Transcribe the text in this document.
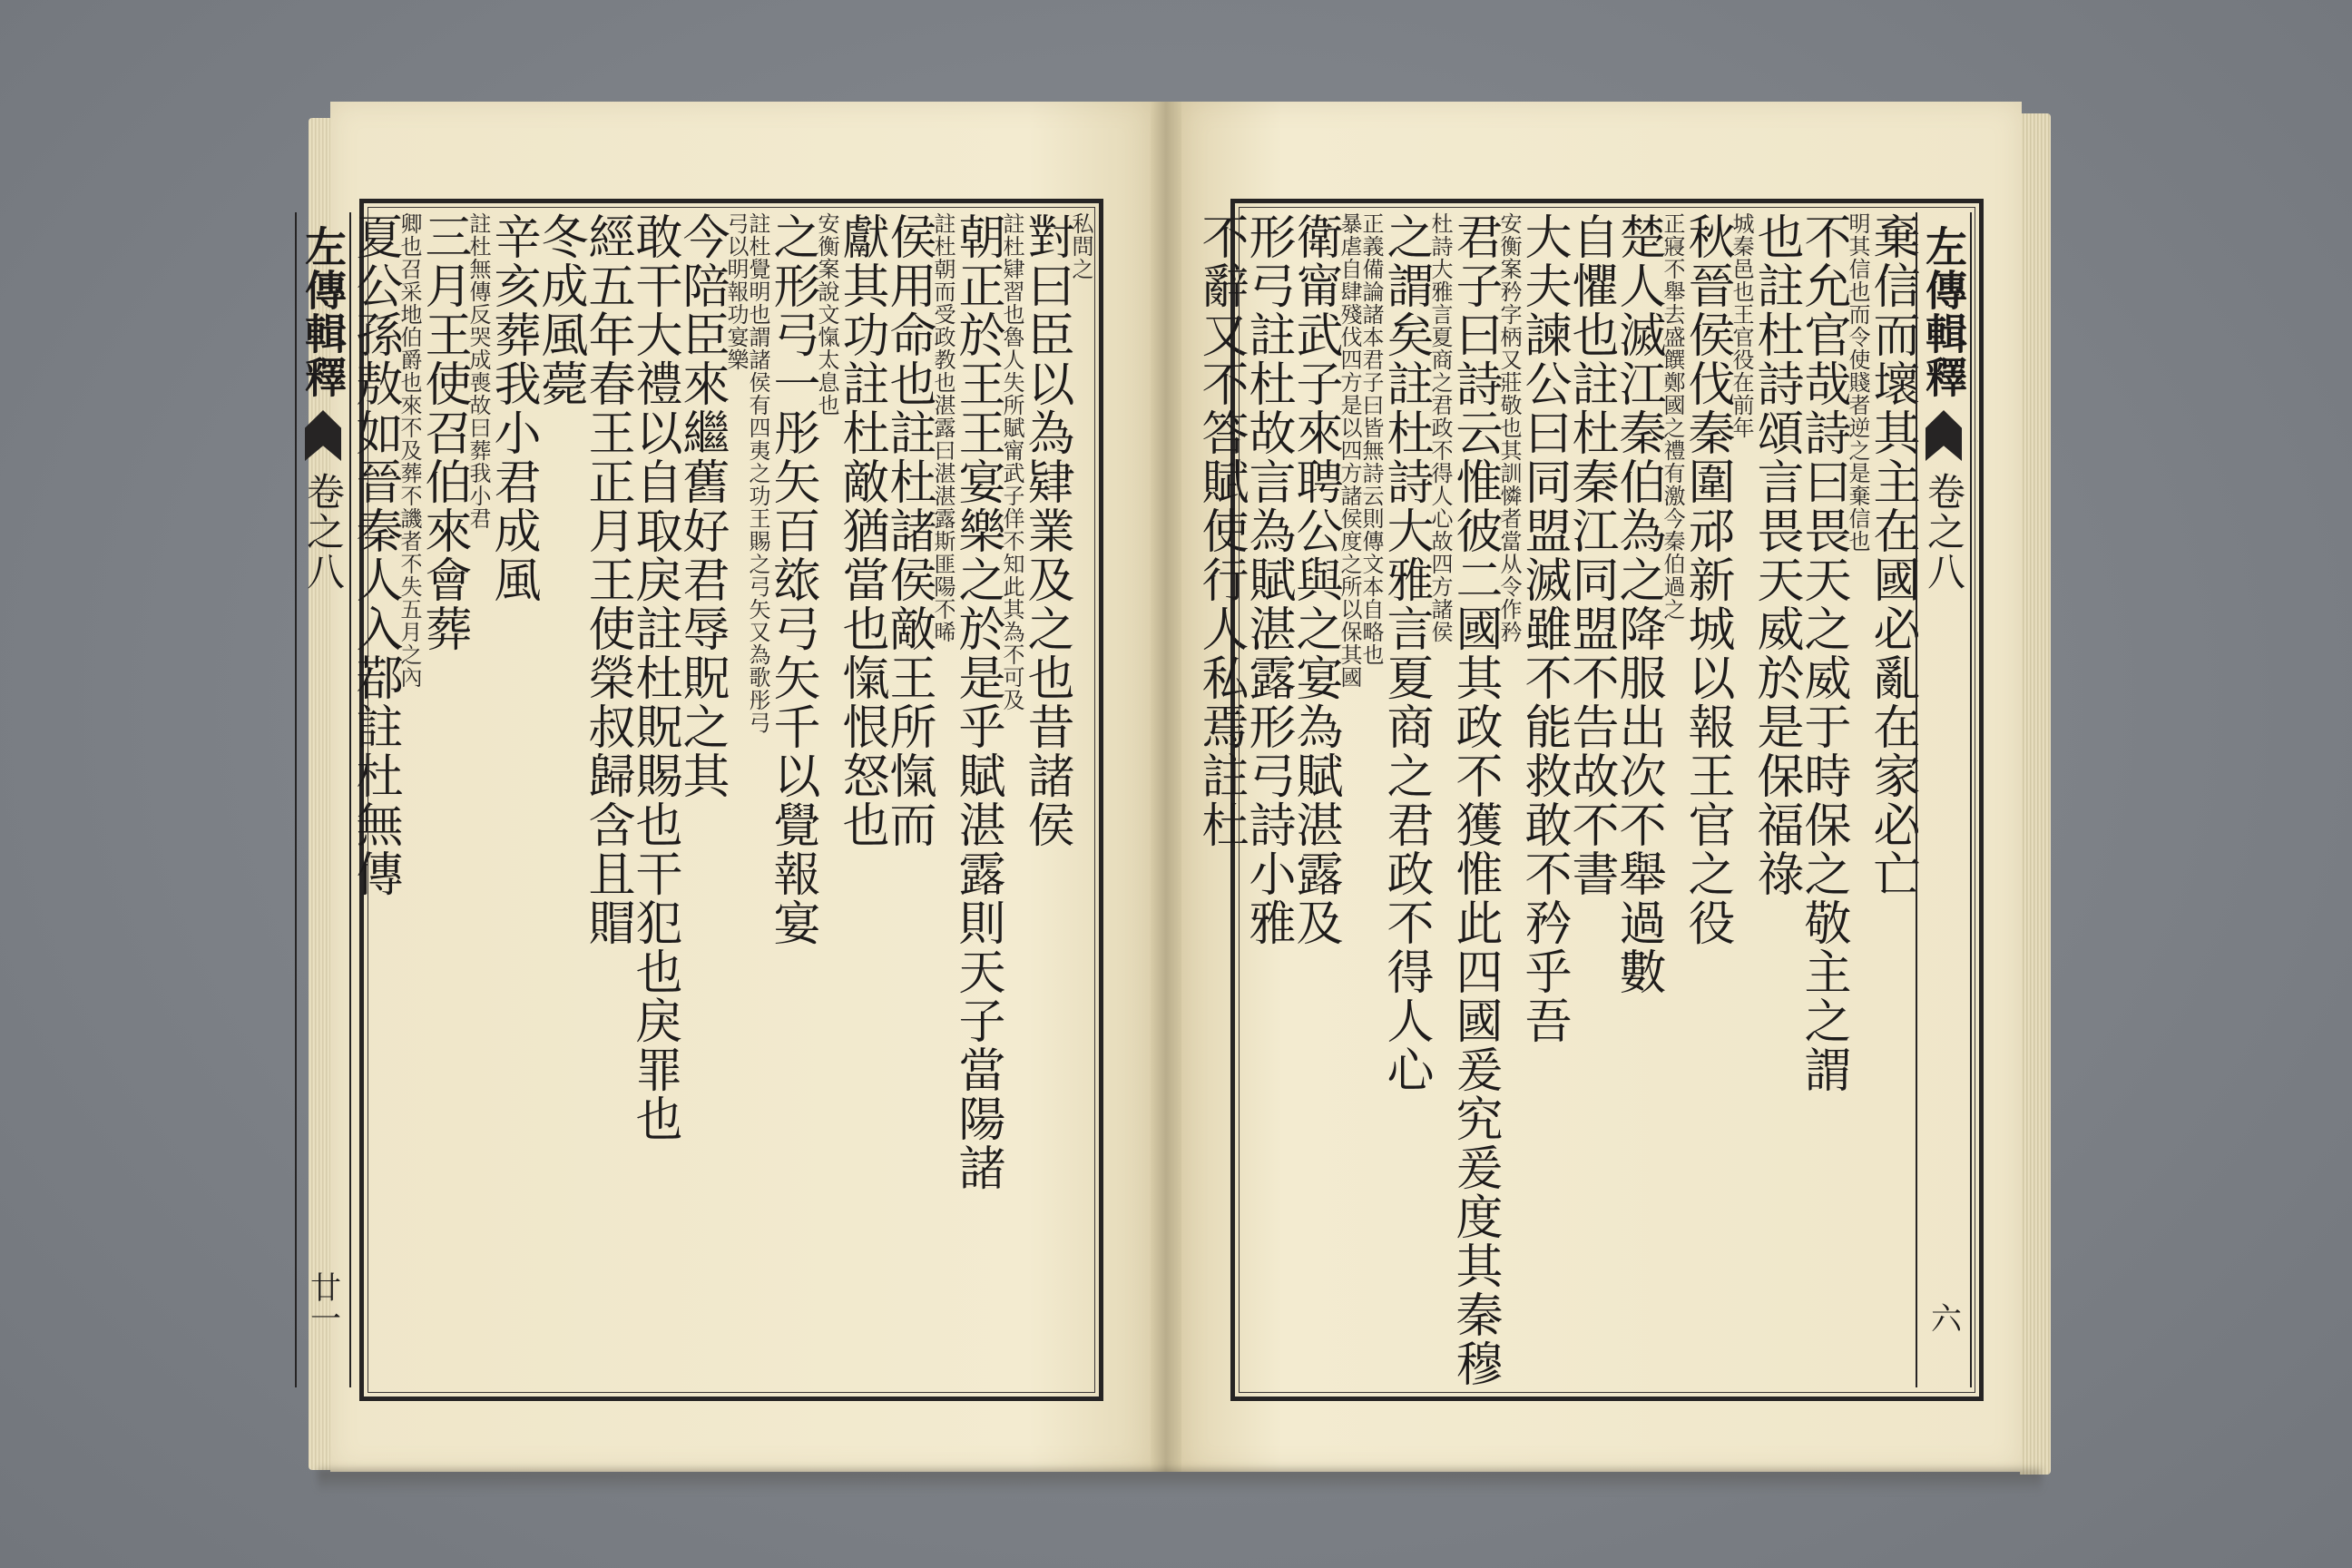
私問之
對曰臣以為肄業及之也昔諸侯
註杜肄習也魯人失所賦甯武子佯不知此其為不可及
朝正於王王宴樂之於是乎賦湛露則天子當陽諸
註杜朝而受政教也湛露曰湛湛露斯匪陽不晞
侯用命也註杜諸侯敵王所愾而
獻其功註杜敵猶當也愾恨怒也
安衡案說文愾太息也
之形弓一彤矢百玈弓矢千以覺報宴
註杜覺明也謂諸侯有四夷之功王賜之弓矢又為歌彤弓
弓以明報功宴樂
今陪臣來繼舊好君辱貺之其
敢干大禮以自取戾註杜貺賜也干犯也戾罪也
經五年春王正月王使榮叔歸含且賵
冬成風薨
辛亥葬我小君成風
註杜無傳反哭成喪故曰葬我小君
三月王使召伯來會葬
卿也召采地伯爵也來不及葬不譏者不失五月之內
夏公孫敖如晉秦人入鄀註杜無傳
左傳輯釋
卷之八
廿一
左傳輯釋
卷之八
六
棄信而壞其主在國必亂在家必亡
明其信也而令使賤者逆之是棄信也
不允官哉詩曰畏天之威于時保之敬主之謂
也註杜詩頌言畏天威於是保福祿
城秦邑也王官役在前年
秋晉侯伐秦圍邧新城以報王官之役
正寢不舉去盛饌鄭國之禮有激今秦伯過之
楚人滅江秦伯為之降服出次不舉過數
自懼也註杜秦江同盟不告故不書
大夫諫公曰同盟滅雖不能救敢不矜乎吾
安衡案矜字柄又莊敬也其訓憐者當从令作矜
君子曰詩云惟彼二國其政不獲惟此四國爰究爰度其秦穆
杜詩大雅言夏商之君政不得人心故四方諸侯
之謂矣註杜詩大雅言夏商之君政不得人心
正義備論諸本君子曰皆無詩云則傳文本自略也
暴虐自肆殘伐四方是以四方諸侯度之所以保其國
衛甯武子來聘公與之宴為賦湛露及
形弓註杜故言為賦湛露形弓詩小雅
不辭又不答賦使行人私焉註杜
